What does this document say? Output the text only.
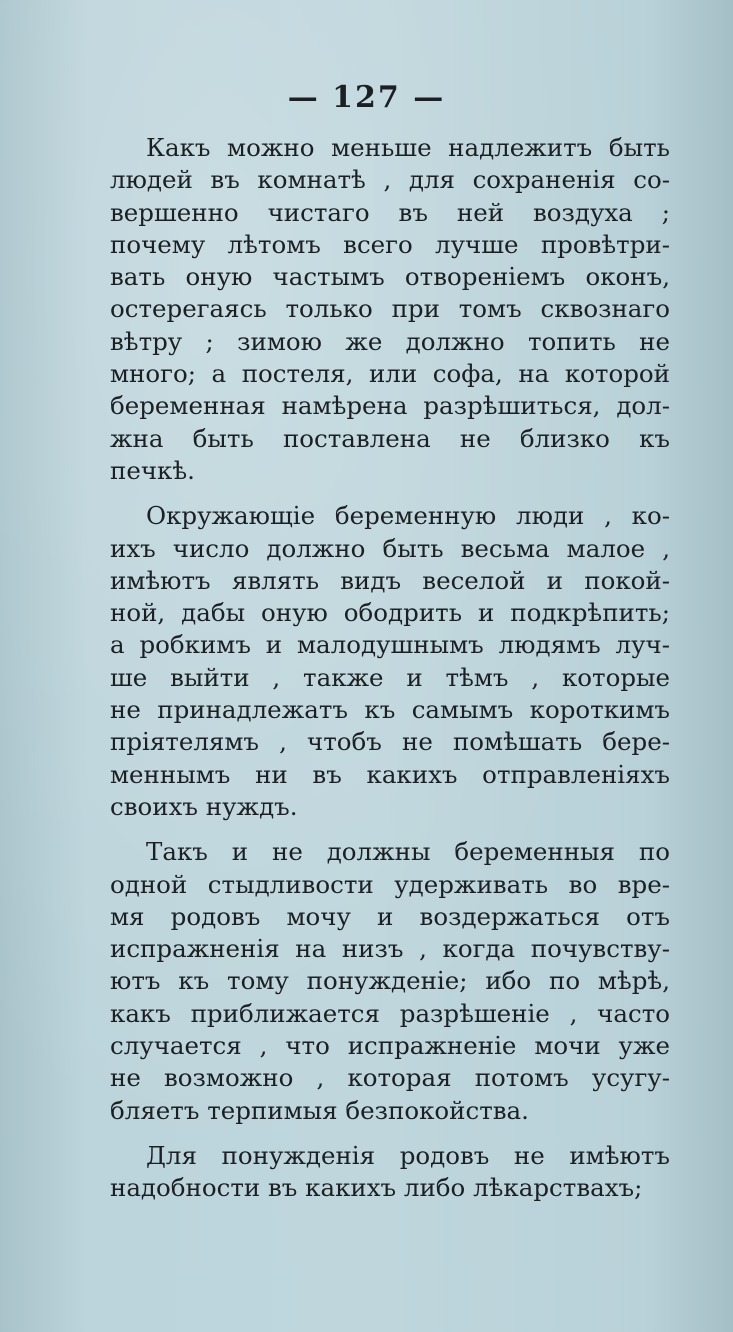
— 127 —
Какъ можно меньше надлежитъ быть
людей въ комнатѣ , для сохраненія со-
вершенно чистаго въ ней воздуха ;
почему лѣтомъ всего лучше провѣтри-
вать оную частымъ отвореніемъ оконъ,
остерегаясь только при томъ сквознаго
вѣтру ; зимою же должно топить не
много; а постеля, или софа, на которой
беременная намѣрена разрѣшиться, дол-
жна быть поставлена не близко къ
печкѣ.
Окружающіе беременную люди , ко-
ихъ число должно быть весьма малое ,
имѣютъ являть видъ веселой и покой-
ной, дабы оную ободрить и подкрѣпить;
а робкимъ и малодушнымъ людямъ луч-
ше выйти , также и тѣмъ , которые
не принадлежатъ къ самымъ короткимъ
пріятелямъ , чтобъ не помѣшать бере-
меннымъ ни въ какихъ отправленіяхъ
своихъ нуждъ.
Такъ и не должны беременныя по
одной стыдливости удерживать во вре-
мя родовъ мочу и воздержаться отъ
испражненія на низъ , когда почувству-
ютъ къ тому понужденіе; ибо по мѣрѣ,
какъ приближается разрѣшеніе , часто
случается , что испражненіе мочи уже
не возможно , которая потомъ усугу-
бляетъ терпимыя безпокойства.
Для понужденія родовъ не имѣютъ
надобности въ какихъ либо лѣкарствахъ;
